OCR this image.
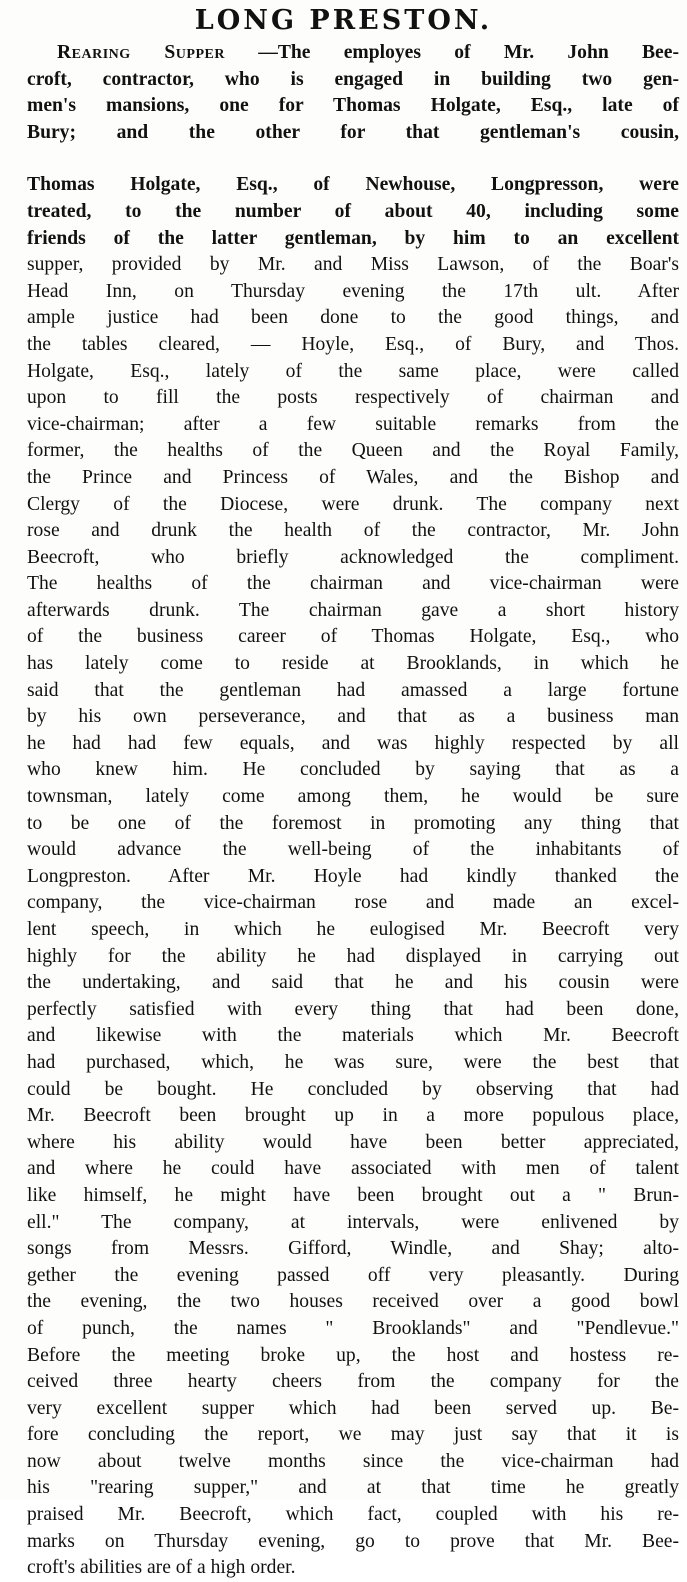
LONG PRESTON.
Rearing Supper —The employes of Mr. John Bee-
croft, contractor, who is engaged in building two gen-
men's mansions, one for Thomas Holgate, Esq., late of
Bury; and the other for that gentleman's cousin,
Thomas Holgate, Esq., of Newhouse, Longpresson, were
treated, to the number of about 40, including some
friends of the latter gentleman, by him to an excellent
supper, provided by Mr. and Miss Lawson, of the Boar's
Head Inn, on Thursday evening the 17th ult. After
ample justice had been done to the good things, and
the tables cleared, — Hoyle, Esq., of Bury, and Thos.
Holgate, Esq., lately of the same place, were called
upon to fill the posts respectively of chairman and
vice-chairman; after a few suitable remarks from the
former, the healths of the Queen and the Royal Family,
the Prince and Princess of Wales, and the Bishop and
Clergy of the Diocese, were drunk. The company next
rose and drunk the health of the contractor, Mr. John
Beecroft, who briefly acknowledged the compliment.
The healths of the chairman and vice-chairman were
afterwards drunk. The chairman gave a short history
of the business career of Thomas Holgate, Esq., who
has lately come to reside at Brooklands, in which he
said that the gentleman had amassed a large fortune
by his own perseverance, and that as a business man
he had had few equals, and was highly respected by all
who knew him. He concluded by saying that as a
townsman, lately come among them, he would be sure
to be one of the foremost in promoting any thing that
would advance the well-being of the inhabitants of
Longpreston. After Mr. Hoyle had kindly thanked the
company, the vice-chairman rose and made an excel-
lent speech, in which he eulogised Mr. Beecroft very
highly for the ability he had displayed in carrying out
the undertaking, and said that he and his cousin were
perfectly satisfied with every thing that had been done,
and likewise with the materials which Mr. Beecroft
had purchased, which, he was sure, were the best that
could be bought. He concluded by observing that had
Mr. Beecroft been brought up in a more populous place,
where his ability would have been better appreciated,
and where he could have associated with men of talent
like himself, he might have been brought out a " Brun-
ell." The company, at intervals, were enlivened by
songs from Messrs. Gifford, Windle, and Shay; alto-
gether the evening passed off very pleasantly. During
the evening, the two houses received over a good bowl
of punch, the names " Brooklands" and "Pendlevue."
Before the meeting broke up, the host and hostess re-
ceived three hearty cheers from the company for the
very excellent supper which had been served up. Be-
fore concluding the report, we may just say that it is
now about twelve months since the vice-chairman had
his "rearing supper," and at that time he greatly
praised Mr. Beecroft, which fact, coupled with his re-
marks on Thursday evening, go to prove that Mr. Bee-
croft's abilities are of a high order.
